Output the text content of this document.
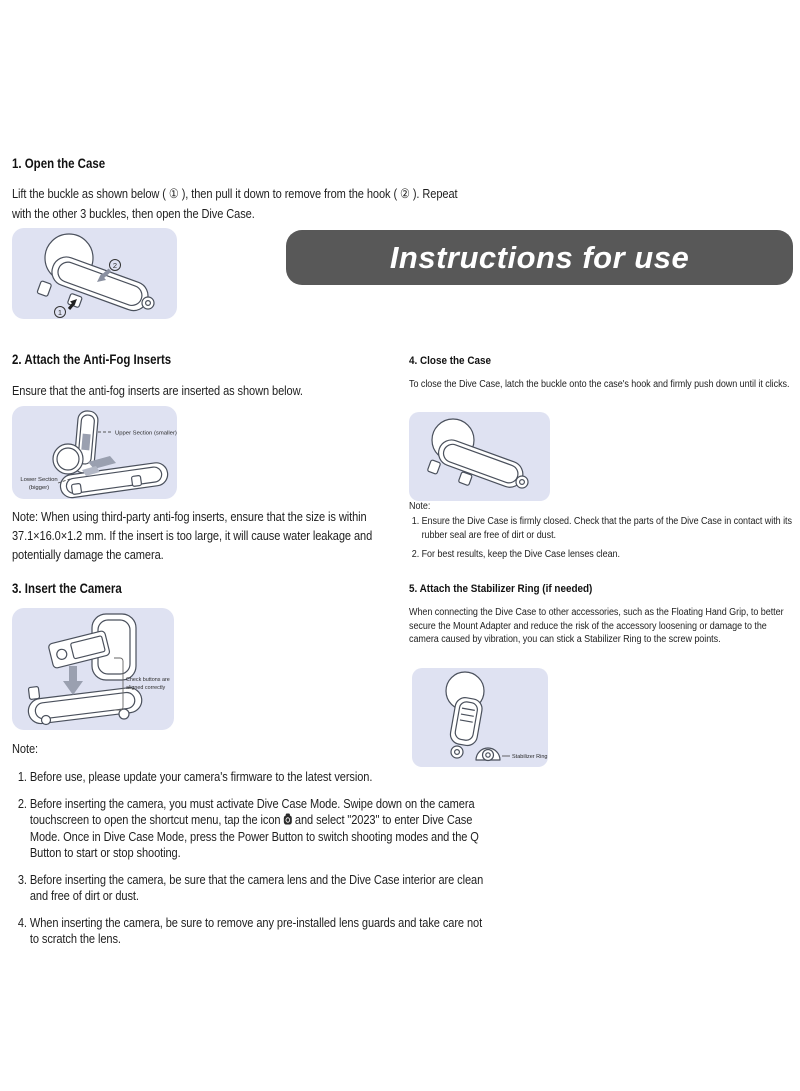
1. Open the Case
Lift the buckle as shown below ( ① ), then pull it down to remove from the hook ( ② ). Repeat with the other 3 buckles, then open the Dive Case.
2
1
Instructions for use
2. Attach the Anti-Fog Inserts
Ensure that the anti-fog inserts are inserted as shown below.
Upper Section (smaller)
Lower Section
(bigger)
Note: When using third-party anti-fog inserts, ensure that the size is within 37.1×16.0×1.2 mm. If the insert is too large, it will cause water leakage and potentially damage the camera.
3. Insert the Camera
Check buttons are
aligned correctly
Note:
1. Before use, please update your camera's firmware to the latest version.
2. Before inserting the camera, you must activate Dive Case Mode. Swipe down on the camera touchscreen to open the shortcut menu, tap the icon and select "2023" to enter Dive Case Mode. Once in Dive Case Mode, press the Power Button to switch shooting modes and the Q Button to start or stop shooting.
3. Before inserting the camera, be sure that the camera lens and the Dive Case interior are clean and free of dirt or dust.
4. When inserting the camera, be sure to remove any pre-installed lens guards and take care not to scratch the lens.
4. Close the Case
To close the Dive Case, latch the buckle onto the case's hook and firmly push down until it clicks.
Note:
1. Ensure the Dive Case is firmly closed. Check that the parts of the Dive Case in contact with its rubber seal are free of dirt or dust.
2. For best results, keep the Dive Case lenses clean.
5. Attach the Stabilizer Ring (if needed)
When connecting the Dive Case to other accessories, such as the Floating Hand Grip, to better secure the Mount Adapter and reduce the risk of the accessory loosening or damage to the camera caused by vibration, you can stick a Stabilizer Ring to the screw points.
Stabilizer Ring
